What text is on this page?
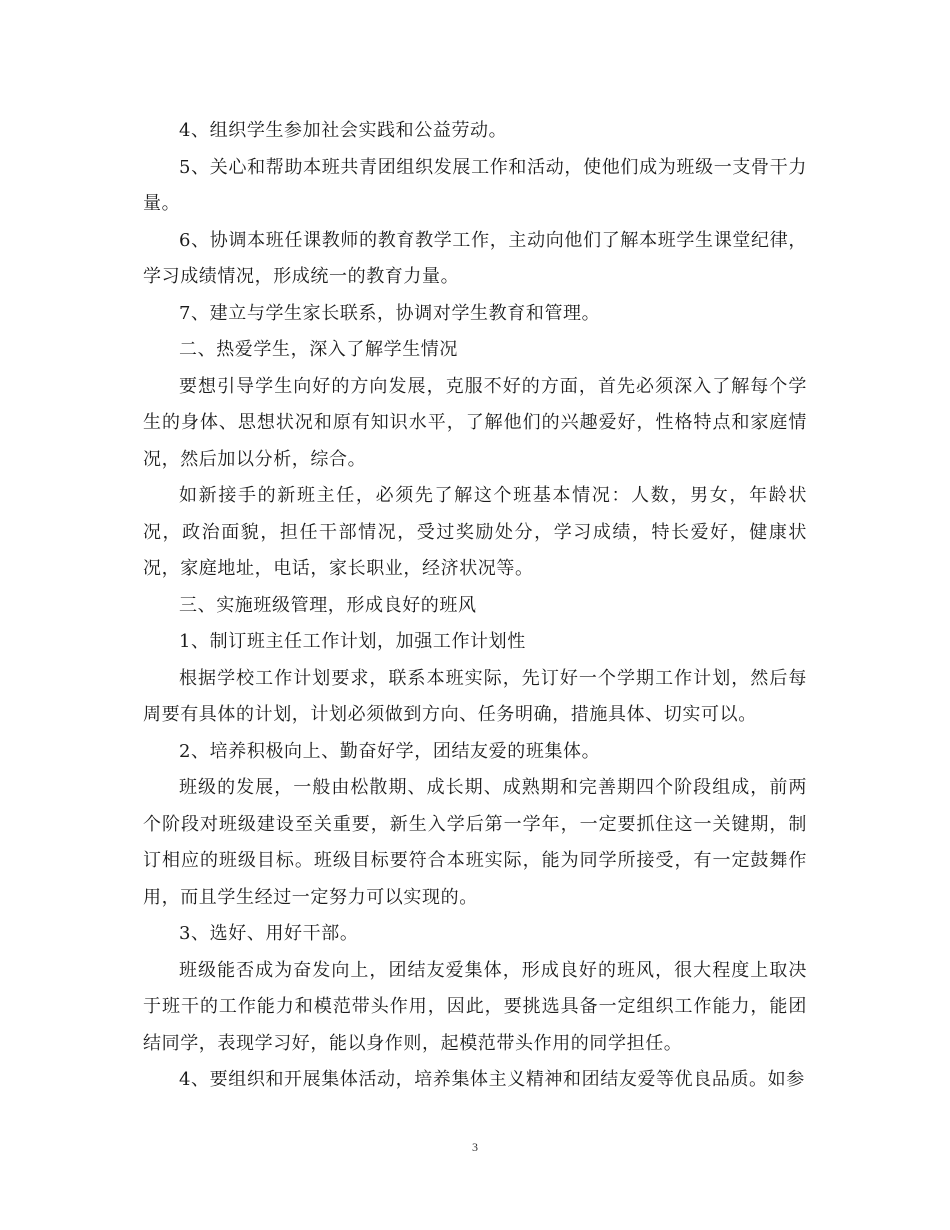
4、组织学生参加社会实践和公益劳动。

5、关心和帮助本班共青团组织发展工作和活动，使他们成为班级一支骨干力量。

6、协调本班任课教师的教育教学工作，主动向他们了解本班学生课堂纪律，学习成绩情况，形成统一的教育力量。

7、建立与学生家长联系，协调对学生教育和管理。

二、热爱学生，深入了解学生情况

要想引导学生向好的方向发展，克服不好的方面，首先必须深入了解每个学生的身体、思想状况和原有知识水平，了解他们的兴趣爱好，性格特点和家庭情况，然后加以分析，综合。

如新接手的新班主任，必须先了解这个班基本情况：人数，男女，年龄状况，政治面貌，担任干部情况，受过奖励处分，学习成绩，特长爱好，健康状况，家庭地址，电话，家长职业，经济状况等。

三、实施班级管理，形成良好的班风

1、制订班主任工作计划，加强工作计划性

根据学校工作计划要求，联系本班实际，先订好一个学期工作计划，然后每周要有具体的计划，计划必须做到方向、任务明确，措施具体、切实可以。

2、培养积极向上、勤奋好学，团结友爱的班集体。

班级的发展，一般由松散期、成长期、成熟期和完善期四个阶段组成，前两个阶段对班级建设至关重要，新生入学后第一学年，一定要抓住这一关键期，制订相应的班级目标。班级目标要符合本班实际，能为同学所接受，有一定鼓舞作用，而且学生经过一定努力可以实现的。

3、选好、用好干部。

班级能否成为奋发向上，团结友爱集体，形成良好的班风，很大程度上取决于班干的工作能力和模范带头作用，因此，要挑选具备一定组织工作能力，能团结同学，表现学习好，能以身作则，起模范带头作用的同学担任。

4、要组织和开展集体活动，培养集体主义精神和团结友爱等优良品质。如参

3
